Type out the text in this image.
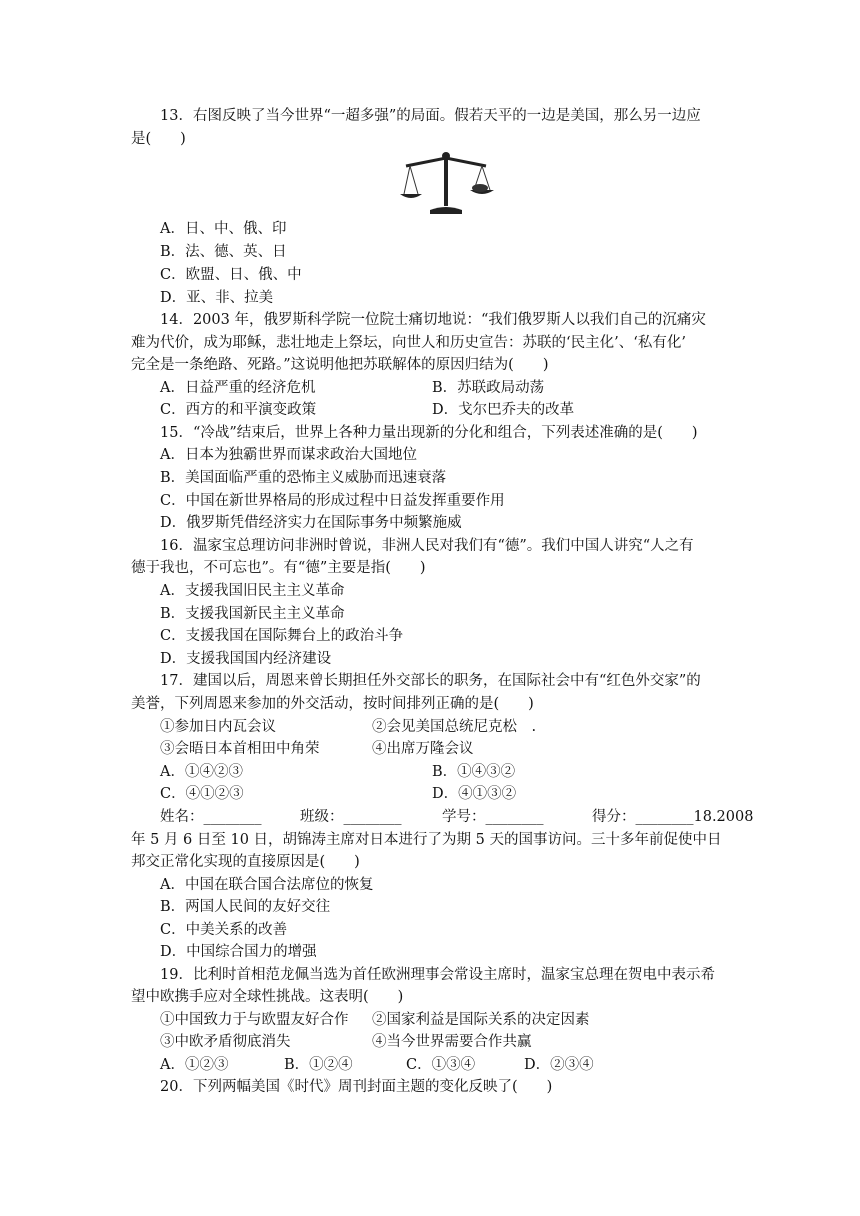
13．右图反映了当今世界“一超多强”的局面。假若天平的一边是美国，那么另一边应
是(　　)
A．日、中、俄、印
B．法、德、英、日
C．欧盟、日、俄、中
D．亚、非、拉美
14．2003 年，俄罗斯科学院一位院士痛切地说：“我们俄罗斯人以我们自己的沉痛灾
难为代价，成为耶稣，悲壮地走上祭坛，向世人和历史宣告：苏联的‘民主化’、‘私有化’
完全是一条绝路、死路。”这说明他把苏联解体的原因归结为(　　)
A．日益严重的经济危机	B．苏联政局动荡
C．西方的和平演变政策	D．戈尔巴乔夫的改革
15．“冷战”结束后，世界上各种力量出现新的分化和组合，下列表述准确的是(　　)
A．日本为独霸世界而谋求政治大国地位
B．美国面临严重的恐怖主义威胁而迅速衰落
C．中国在新世界格局的形成过程中日益发挥重要作用
D．俄罗斯凭借经济实力在国际事务中频繁施威
16．温家宝总理访问非洲时曾说，非洲人民对我们有“德”。我们中国人讲究“人之有
德于我也，不可忘也”。有“德”主要是指(　　)
A．支援我国旧民主主义革命
B．支援我国新民主主义革命
C．支援我国在国际舞台上的政治斗争
D．支援我国国内经济建设
17．建国以后，周恩来曾长期担任外交部长的职务，在国际社会中有“红色外交家”的
美誉，下列周恩来参加的外交活动，按时间排列正确的是(　　)
①参加日内瓦会议	②会见美国总统尼克松　.
③会晤日本首相田中角荣	④出席万隆会议
A．①④②③	B．①④③②
C．④①②③	D．④①③②
姓名：________	班级：________	学号：________	得分：________18.2008
年 5 月 6 日至 10 日，胡锦涛主席对日本进行了为期 5 天的国事访问。三十多年前促使中日
邦交正常化实现的直接原因是(　　)
A．中国在联合国合法席位的恢复
B．两国人民间的友好交往
C．中美关系的改善
D．中国综合国力的增强
19．比利时首相范龙佩当选为首任欧洲理事会常设主席时，温家宝总理在贺电中表示希
望中欧携手应对全球性挑战。这表明(　　)
①中国致力于与欧盟友好合作 ②国家利益是国际关系的决定因素
③中欧矛盾彻底消失	④当今世界需要合作共赢
A．①②③	B．①②④	C．①③④	D．②③④
20．下列两幅美国《时代》周刊封面主题的变化反映了(　　)
